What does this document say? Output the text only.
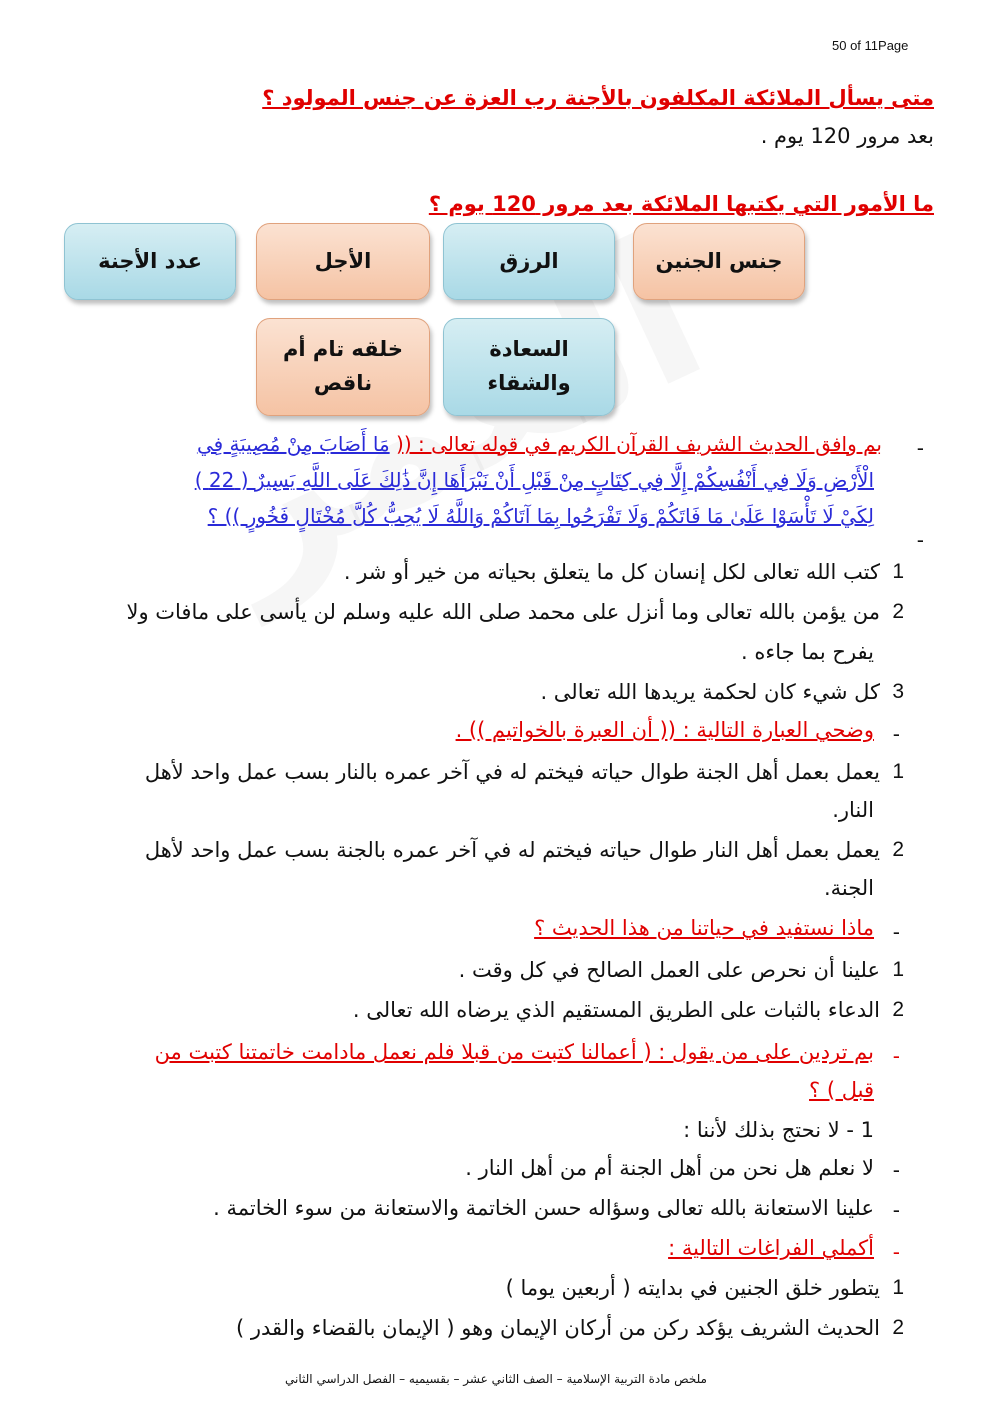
50 of 11Page
متى يسأل الملائكة المكلفون بالأجنة رب العزة عن جنس المولود ؟
بعد مرور 120 يوم .
ما الأمور التي يكتبها الملائكة بعد مرور 120 يوم ؟
عدد الأجنة	الأجل	الرزق	جنس الجنين
خلقه تام أم
ناقص
السعادة
والشقاء
-
بم وافق الحديث الشريف القرآن الكريم في قوله تعالى : (( مَا أَصَابَ مِنْ مُصِيبَةٍ فِي
الْأَرْضِ وَلَا فِي أَنْفُسِكُمْ إِلَّا فِي كِتَابٍ مِنْ قَبْلِ أَنْ نَبْرَأَهَا إِنَّ ذَٰلِكَ عَلَى اللَّهِ يَسِيرٌ ( 22 )
لِكَيْ لَا تَأْسَوْا عَلَىٰ مَا فَاتَكُمْ وَلَا تَفْرَحُوا بِمَا آتَاكُمْ وَاللَّهُ لَا يُحِبُّ كُلَّ مُخْتَالٍ فَخُورٍ )) ؟
-
1
كتب الله تعالى لكل إنسان كل ما يتعلق بحياته من خير أو شر .
2
من يؤمن بالله تعالى وما أنزل على محمد صلى الله عليه وسلم لن يأسى على مافات ولا
يفرح بما جاءه .
3
كل شيء كان لحكمة يريدها الله تعالى .
-
وضحي العبارة التالية : (( أن العبرة بالخواتيم )) .
1
يعمل بعمل أهل الجنة طوال حياته فيختم له في آخر عمره بالنار بسب عمل واحد لأهل
النار.
2
يعمل بعمل أهل النار طوال حياته فيختم له في آخر عمره بالجنة بسب عمل واحد لأهل
الجنة.
-
ماذا نستفيد في حياتنا من هذا الحديث ؟
1
علينا أن نحرص على العمل الصالح في كل وقت .
2
الدعاء بالثبات على الطريق المستقيم الذي يرضاه الله تعالى .
-
بم تردين على من يقول : ( أعمالنا كتبت من قبلا فلم نعمل مادامت خاتمتنا كتبت من
قبل ) ؟
1 - لا نحتج بذلك لأننا :
-
لا نعلم هل نحن من أهل الجنة أم من أهل النار .
-
علينا الاستعانة بالله تعالى وسؤاله حسن الخاتمة والاستعانة من سوء الخاتمة .
-
أكملي الفراغات التالية :
1
يتطور خلق الجنين في بدايته ( أربعين يوما )
2
الحديث الشريف يؤكد ركن من أركان الإيمان وهو ( الإيمان بالقضاء والقدر )
ملخص مادة التربية الإسلامية – الصف الثاني عشر – بقسيميه – الفصل الدراسي الثاني
